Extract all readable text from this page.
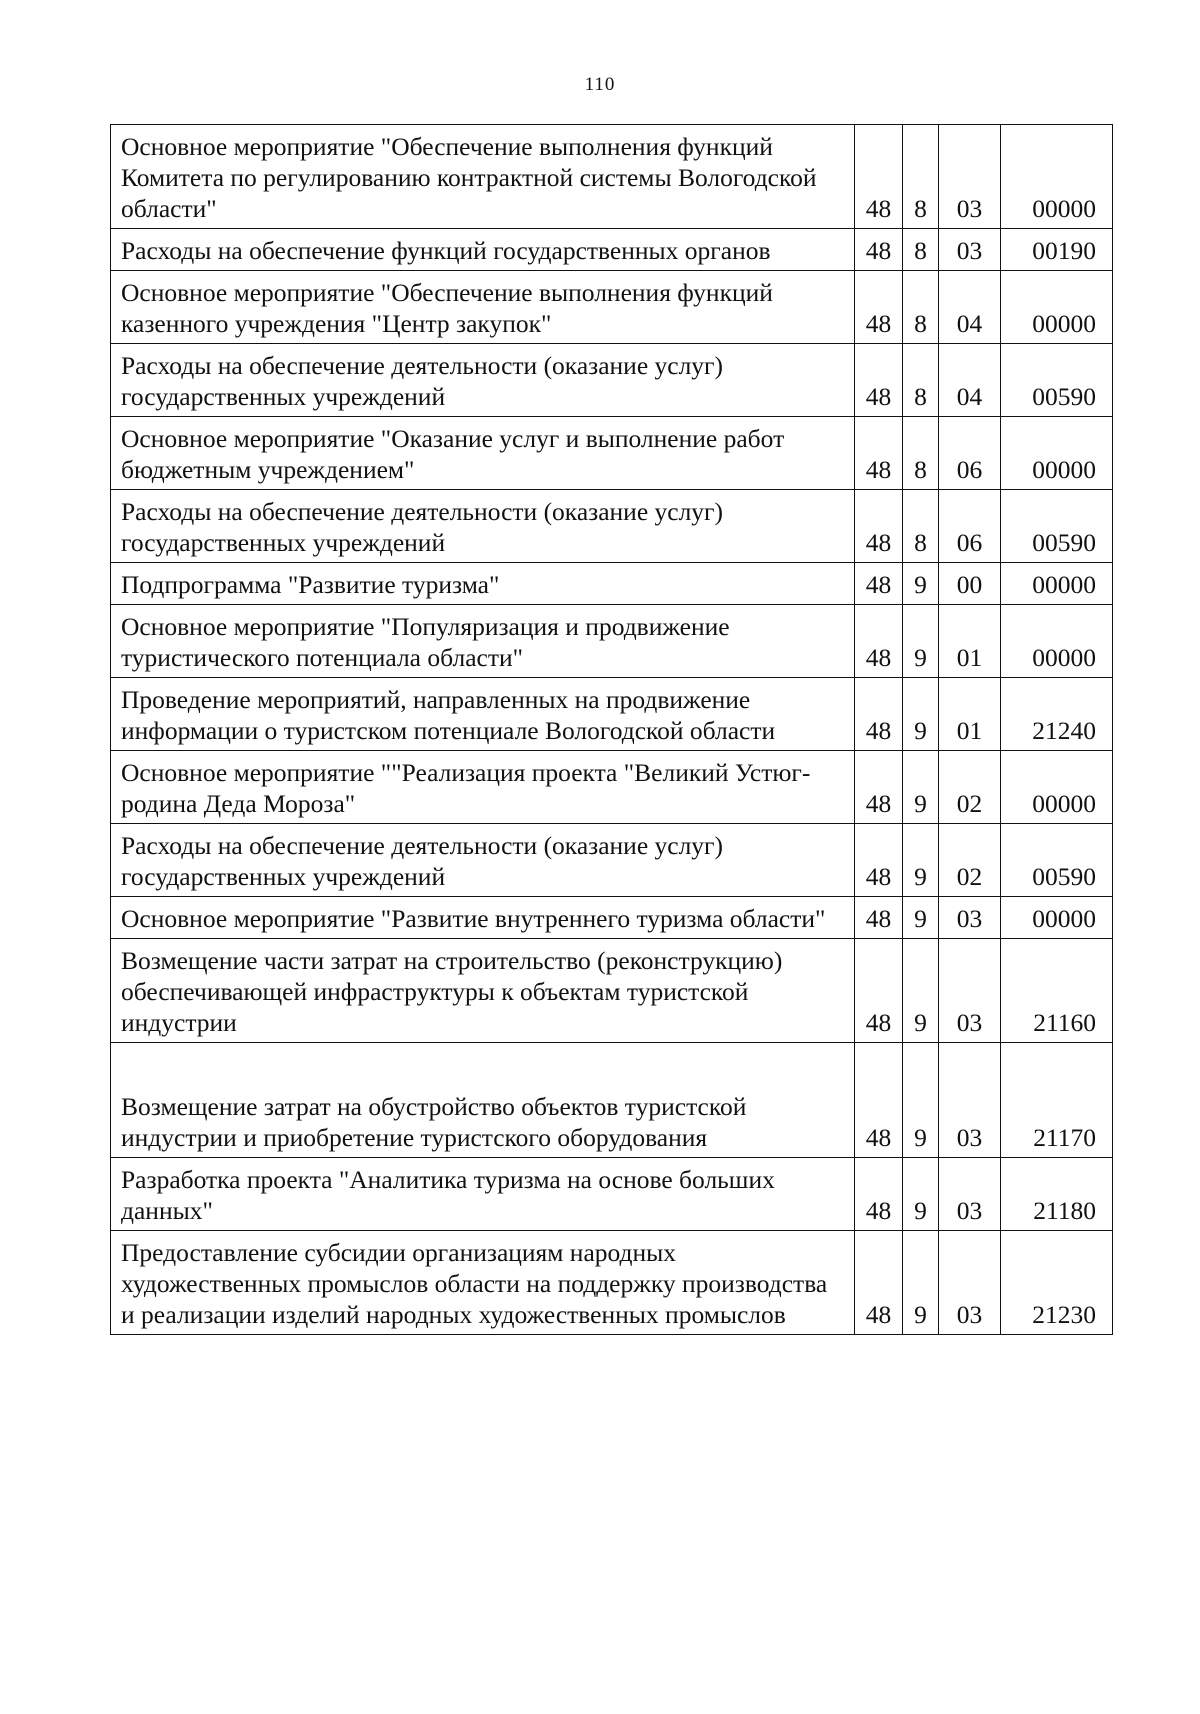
110
Основное мероприятие "Обеспечение выполнения функций Комитета по регулированию контрактной системы Вологодской области"	48	8	03	00000
Расходы на обеспечение функций государственных органов	48	8	03	00190
Основное мероприятие "Обеспечение выполнения функций казенного учреждения "Центр закупок"	48	8	04	00000
Расходы на обеспечение деятельности (оказание услуг) государственных учреждений	48	8	04	00590
Основное мероприятие "Оказание услуг и выполнение работ бюджетным учреждением"	48	8	06	00000
Расходы на обеспечение деятельности (оказание услуг) государственных учреждений	48	8	06	00590
Подпрограмма "Развитие туризма"	48	9	00	00000
Основное мероприятие "Популяризация и продвижение туристического потенциала области"	48	9	01	00000
Проведение мероприятий, направленных на продвижение информации о туристском потенциале Вологодской области	48	9	01	21240
Основное мероприятие ""Реализация проекта "Великий Устюг-родина Деда Мороза"	48	9	02	00000
Расходы на обеспечение деятельности (оказание услуг) государственных учреждений	48	9	02	00590
Основное мероприятие "Развитие внутреннего туризма области"	48	9	03	00000
Возмещение части затрат на строительство (реконструкцию) обеспечивающей инфраструктуры к объектам туристской индустрии	48	9	03	21160
Возмещение затрат на обустройство объектов туристской индустрии и приобретение туристского оборудования	48	9	03	21170
Разработка проекта "Аналитика туризма на основе больших данных"	48	9	03	21180
Предоставление субсидии организациям народных художественных промыслов области на поддержку производства и реализации изделий народных художественных промыслов	48	9	03	21230
